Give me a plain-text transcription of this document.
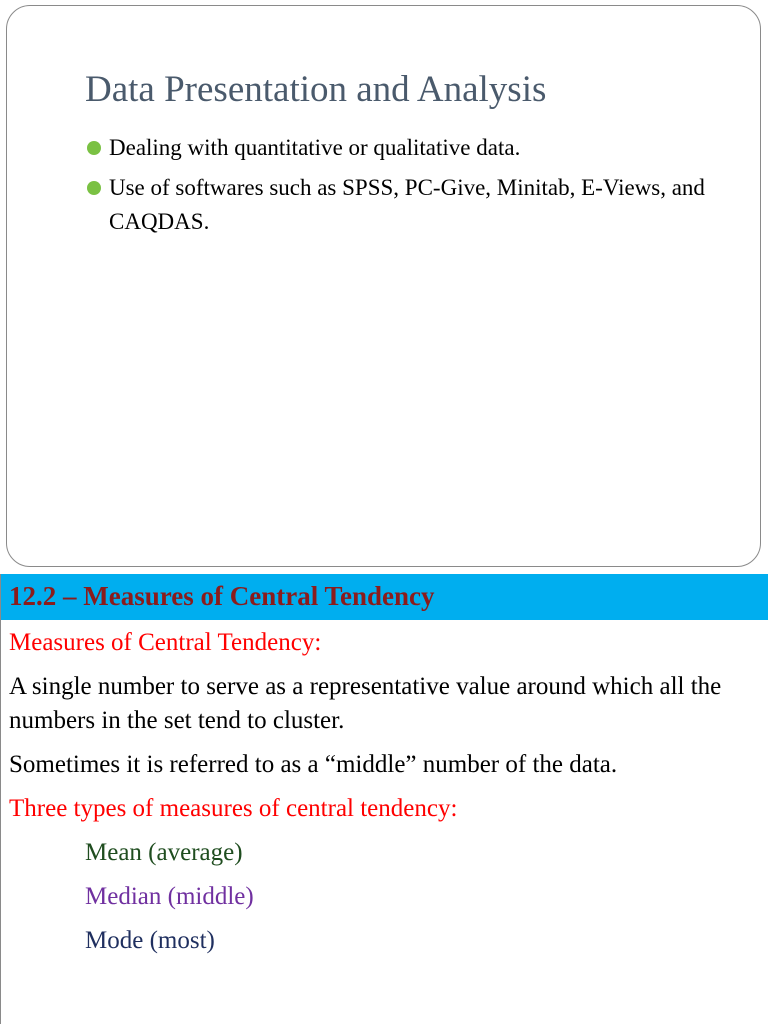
Data Presentation and Analysis
Dealing with quantitative or qualitative data.
Use of softwares such as SPSS, PC-Give, Minitab, E-Views, and CAQDAS.
12.2 – Measures of Central Tendency

Measures of Central Tendency:

A single number to serve as a representative value around which all the numbers in the set tend to cluster.

Sometimes it is referred to as a “middle” number of the data.

Three types of measures of central tendency:

Mean (average)
Median (middle)
Mode (most)
